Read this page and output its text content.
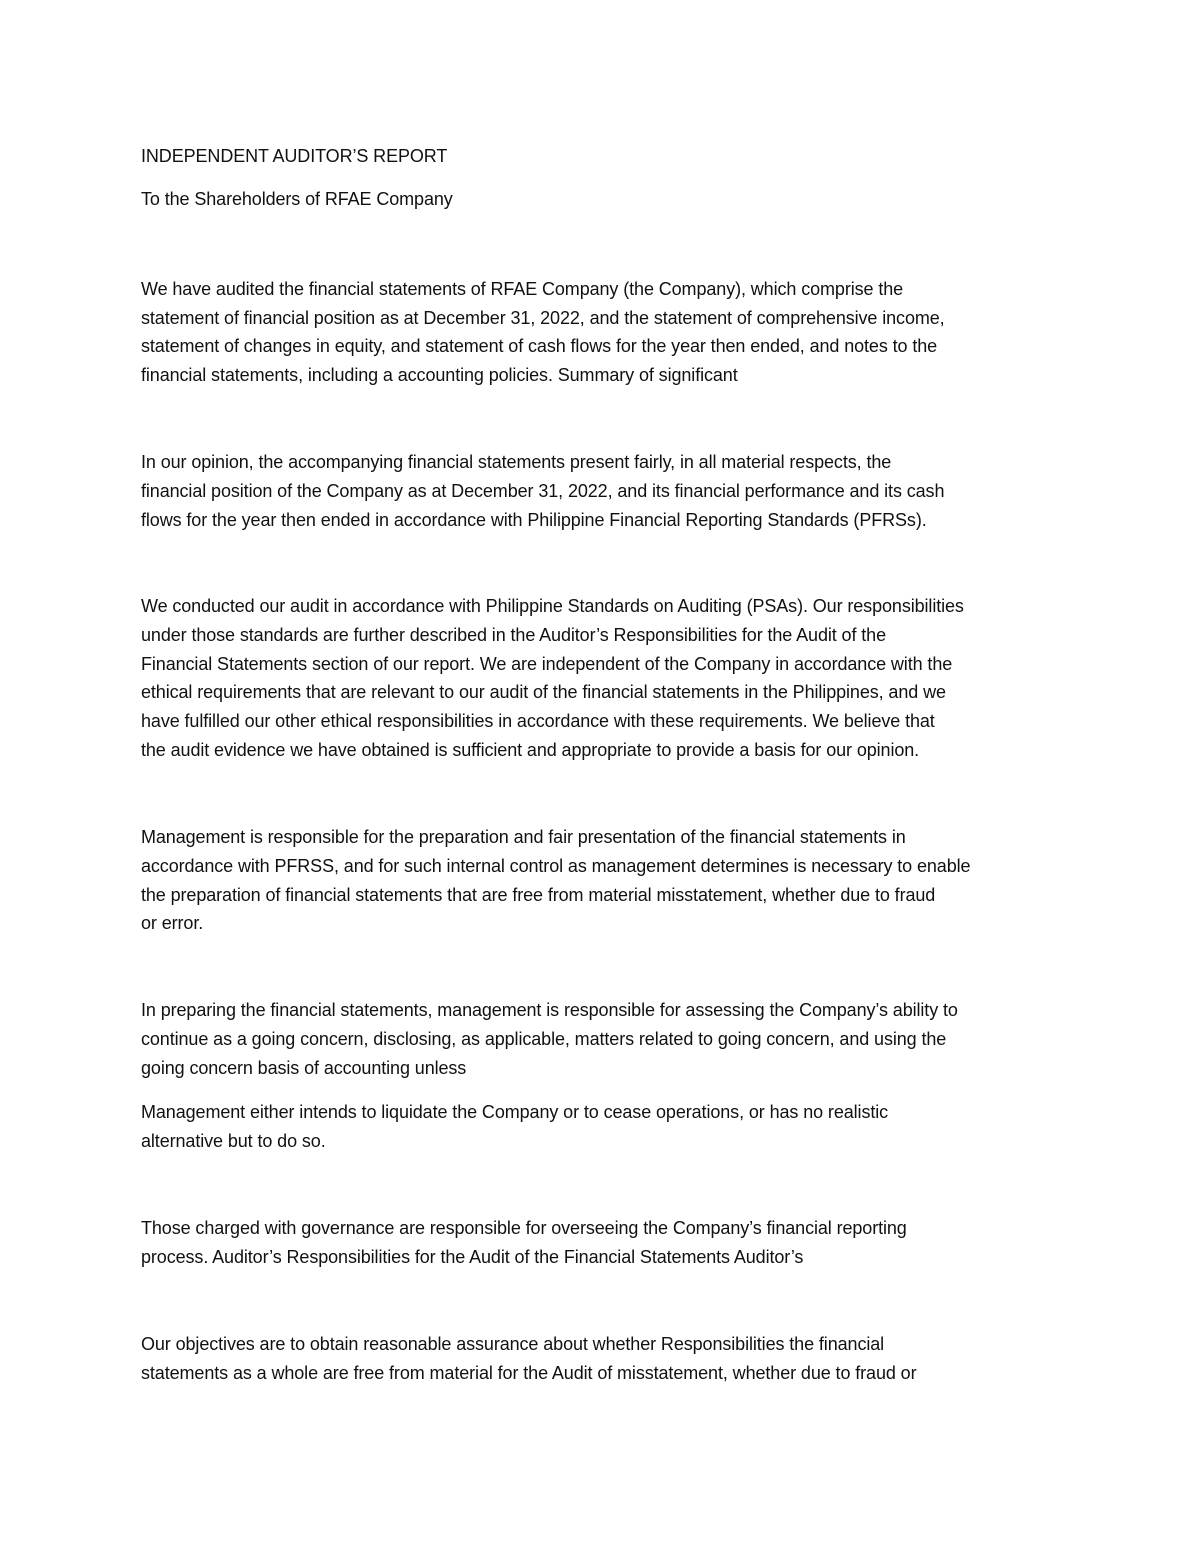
INDEPENDENT AUDITOR’S REPORT
To the Shareholders of RFAE Company
We have audited the financial statements of RFAE Company (the Company), which comprise the
statement of financial position as at December 31, 2022, and the statement of comprehensive income,
statement of changes in equity, and statement of cash flows for the year then ended, and notes to the
financial statements, including a accounting policies. Summary of significant
In our opinion, the accompanying financial statements present fairly, in all material respects, the
financial position of the Company as at December 31, 2022, and its financial performance and its cash
flows for the year then ended in accordance with Philippine Financial Reporting Standards (PFRSs).
We conducted our audit in accordance with Philippine Standards on Auditing (PSAs). Our responsibilities
under those standards are further described in the Auditor’s Responsibilities for the Audit of the
Financial Statements section of our report. We are independent of the Company in accordance with the
ethical requirements that are relevant to our audit of the financial statements in the Philippines, and we
have fulfilled our other ethical responsibilities in accordance with these requirements. We believe that
the audit evidence we have obtained is sufficient and appropriate to provide a basis for our opinion.
Management is responsible for the preparation and fair presentation of the financial statements in
accordance with PFRSS, and for such internal control as management determines is necessary to enable
the preparation of financial statements that are free from material misstatement, whether due to fraud
or error.
In preparing the financial statements, management is responsible for assessing the Company’s ability to
continue as a going concern, disclosing, as applicable, matters related to going concern, and using the
going concern basis of accounting unless
Management either intends to liquidate the Company or to cease operations, or has no realistic
alternative but to do so.
Those charged with governance are responsible for overseeing the Company’s financial reporting
process. Auditor’s Responsibilities for the Audit of the Financial Statements Auditor’s
Our objectives are to obtain reasonable assurance about whether Responsibilities the financial
statements as a whole are free from material for the Audit of misstatement, whether due to fraud or
